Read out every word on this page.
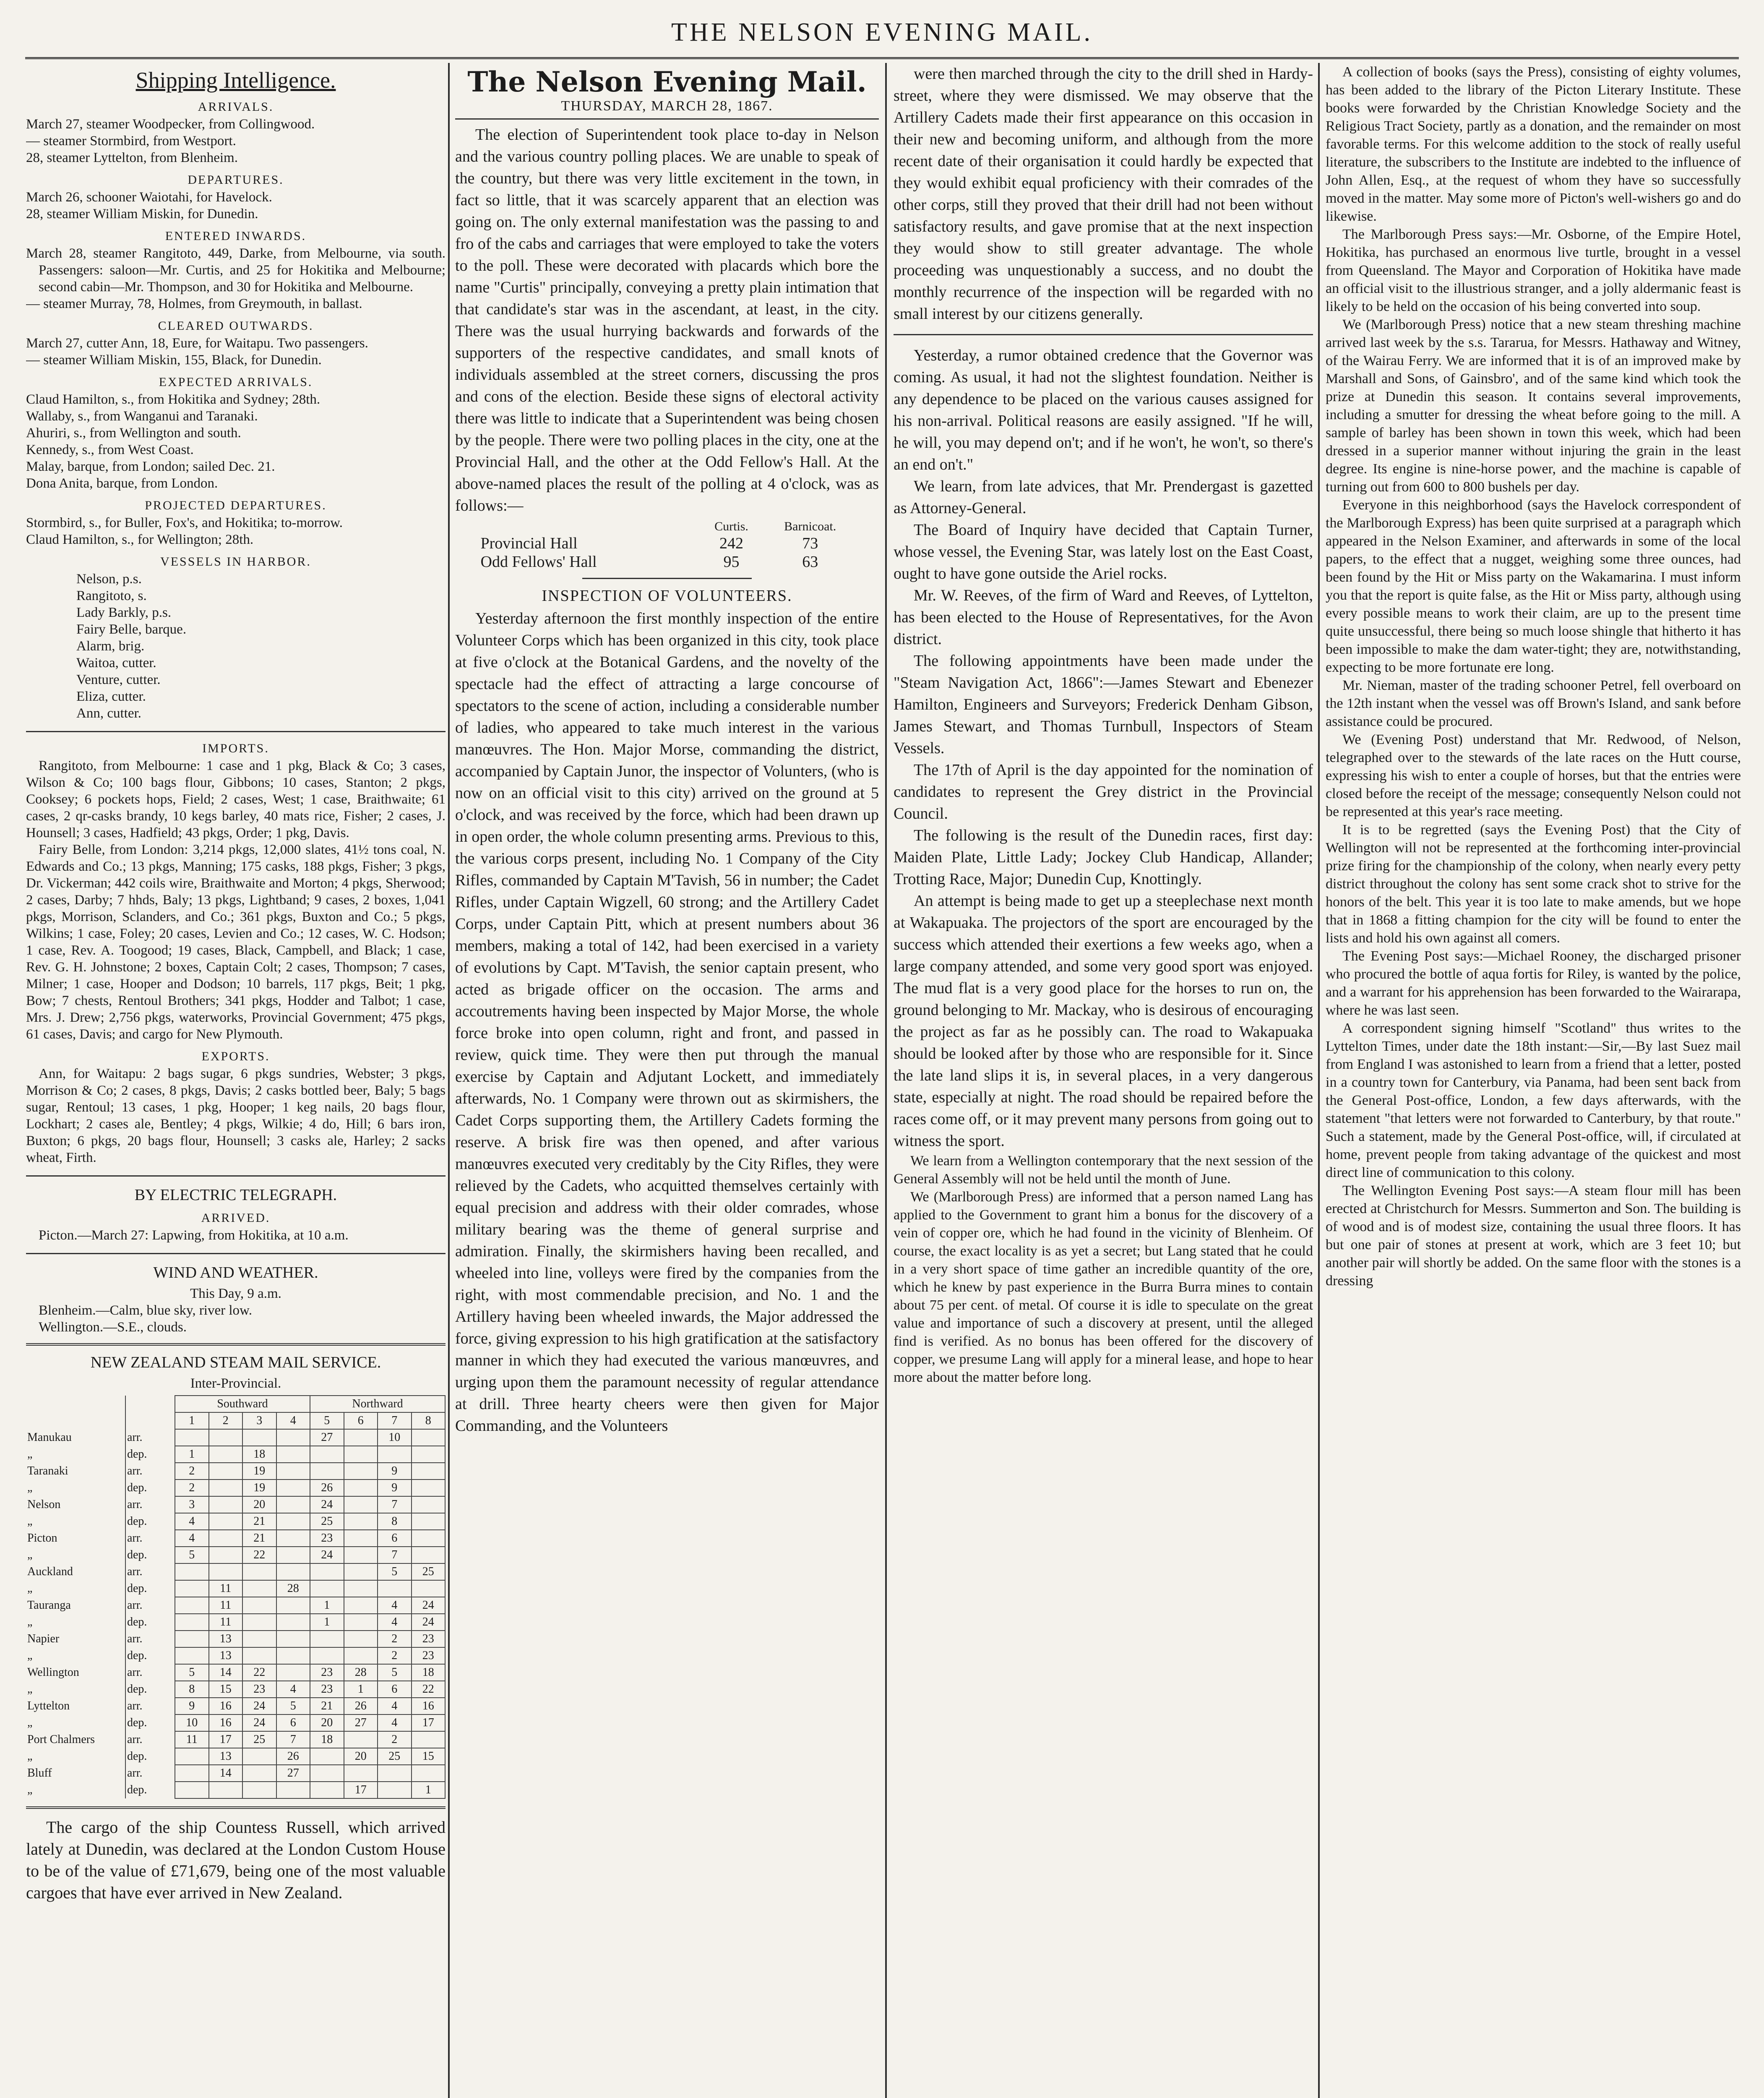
THE NELSON EVENING MAIL.
Shipping Intelligence.
ARRIVALS.

March 27, steamer Woodpecker, from Collingwood.

— steamer Stormbird, from Westport.

28, steamer Lyttelton, from Blenheim.

DEPARTURES.

March 26, schooner Waiotahi, for Havelock.

28, steamer William Miskin, for Dunedin.

ENTERED INWARDS.

March 28, steamer Rangitoto, 449, Darke, from Melbourne, via south. Passengers: saloon—Mr. Curtis, and 25 for Hokitika and Melbourne; second cabin—Mr. Thompson, and 30 for Hokitika and Melbourne.

— steamer Murray, 78, Holmes, from Greymouth, in ballast.

CLEARED OUTWARDS.

March 27, cutter Ann, 18, Eure, for Waitapu. Two passengers.

— steamer William Miskin, 155, Black, for Dunedin.

EXPECTED ARRIVALS.

Claud Hamilton, s., from Hokitika and Sydney; 28th.

Wallaby, s., from Wanganui and Taranaki.

Ahuriri, s., from Wellington and south.

Kennedy, s., from West Coast.

Malay, barque, from London; sailed Dec. 21.

Dona Anita, barque, from London.

PROJECTED DEPARTURES.

Stormbird, s., for Buller, Fox's, and Hokitika; to-morrow.

Claud Hamilton, s., for Wellington; 28th.

VESSELS IN HARBOR.

Nelson, p.s.

Rangitoto, s.

Lady Barkly, p.s.

Fairy Belle, barque.

Alarm, brig.

Waitoa, cutter.

Venture, cutter.

Eliza, cutter.

Ann, cutter.

IMPORTS.

Rangitoto, from Melbourne: 1 case and 1 pkg, Black & Co; 3 cases, Wilson & Co; 100 bags flour, Gibbons; 10 cases, Stanton; 2 pkgs, Cooksey; 6 pockets hops, Field; 2 cases, West; 1 case, Braithwaite; 61 cases, 2 qr-casks brandy, 10 kegs barley, 40 mats rice, Fisher; 2 cases, J. Hounsell; 3 cases, Hadfield; 43 pkgs, Order; 1 pkg, Davis.

Fairy Belle, from London: 3,214 pkgs, 12,000 slates, 41½ tons coal, N. Edwards and Co.; 13 pkgs, Manning; 175 casks, 188 pkgs, Fisher; 3 pkgs, Dr. Vickerman; 442 coils wire, Braithwaite and Morton; 4 pkgs, Sherwood; 2 cases, Darby; 7 hhds, Baly; 13 pkgs, Lightband; 9 cases, 2 boxes, 1,041 pkgs, Morrison, Sclanders, and Co.; 361 pkgs, Buxton and Co.; 5 pkgs, Wilkins; 1 case, Foley; 20 cases, Levien and Co.; 12 cases, W. C. Hodson; 1 case, Rev. A. Toogood; 19 cases, Black, Campbell, and Black; 1 case, Rev. G. H. Johnstone; 2 boxes, Captain Colt; 2 cases, Thompson; 7 cases, Milner; 1 case, Hooper and Dodson; 10 barrels, 117 pkgs, Beit; 1 pkg, Bow; 7 chests, Rentoul Brothers; 341 pkgs, Hodder and Talbot; 1 case, Mrs. J. Drew; 2,756 pkgs, waterworks, Provincial Government; 475 pkgs, 61 cases, Davis; and cargo for New Plymouth.

EXPORTS.

Ann, for Waitapu: 2 bags sugar, 6 pkgs sundries, Webster; 3 pkgs, Morrison & Co; 2 cases, 8 pkgs, Davis; 2 casks bottled beer, Baly; 5 bags sugar, Rentoul; 13 cases, 1 pkg, Hooper; 1 keg nails, 20 bags flour, Lockhart; 2 cases ale, Bentley; 4 pkgs, Wilkie; 4 do, Hill; 6 bars iron, Buxton; 6 pkgs, 20 bags flour, Hounsell; 3 casks ale, Harley; 2 sacks wheat, Firth.

BY ELECTRIC TELEGRAPH.
ARRIVED.

Picton.—March 27: Lapwing, from Hokitika, at 10 a.m.

WIND AND WEATHER.
This Day, 9 a.m.

Blenheim.—Calm, blue sky, river low.

Wellington.—S.E., clouds.

NEW ZEALAND STEAM MAIL SERVICE.
Inter-Provincial.
		Southward				Northward			
		1	2	3	4	5	6	7	8
Manukau	arr.					27		10	
„	dep.	1		18					
Taranaki	arr.	2		19				9	
„	dep.	2		19		26		9	
Nelson	arr.	3		20		24		7	
„	dep.	4		21		25		8	
Picton	arr.	4		21		23		6	
„	dep.	5		22		24		7	
Auckland	arr.							5	25
„	dep.		11		28				
Tauranga	arr.		11			1		4	24
„	dep.		11			1		4	24
Napier	arr.		13					2	23
„	dep.		13					2	23
Wellington	arr.	5	14	22		23	28	5	18
„	dep.	8	15	23	4	23	1	6	22
Lyttelton	arr.	9	16	24	5	21	26	4	16
„	dep.	10	16	24	6	20	27	4	17
Port Chalmers	arr.	11	17	25	7	18		2	
„	dep.		13		26		20	25	15
Bluff	arr.		14		27				
„	dep.						17		1

The cargo of the ship Countess Russell, which arrived lately at Dunedin, was declared at the London Custom House to be of the value of £71,679, being one of the most valuable cargoes that have ever arrived in New Zealand.

The Nelson Evening Mail.
THURSDAY, MARCH 28, 1867.

The election of Superintendent took place to-day in Nelson and the various country polling places. We are unable to speak of the country, but there was very little excitement in the town, in fact so little, that it was scarcely apparent that an election was going on. The only external manifestation was the passing to and fro of the cabs and carriages that were employed to take the voters to the poll. These were decorated with placards which bore the name "Curtis" principally, conveying a pretty plain intimation that that candidate's star was in the ascendant, at least, in the city. There was the usual hurrying backwards and forwards of the supporters of the respective candidates, and small knots of individuals assembled at the street corners, discussing the pros and cons of the election. Beside these signs of electoral activity there was little to indicate that a Superintendent was being chosen by the people. There were two polling places in the city, one at the Provincial Hall, and the other at the Odd Fellow's Hall. At the above-named places the result of the polling at 4 o'clock, was as follows:—

	Curtis.	Barnicoat.
Provincial Hall	242	73
Odd Fellows' Hall	95	63
INSPECTION OF VOLUNTEERS.

Yesterday afternoon the first monthly inspection of the entire Volunteer Corps which has been organized in this city, took place at five o'clock at the Botanical Gardens, and the novelty of the spectacle had the effect of attracting a large concourse of spectators to the scene of action, including a considerable number of ladies, who appeared to take much interest in the various manœuvres. The Hon. Major Morse, commanding the district, accompanied by Captain Junor, the inspector of Volunters, (who is now on an official visit to this city) arrived on the ground at 5 o'clock, and was received by the force, which had been drawn up in open order, the whole column presenting arms. Previous to this, the various corps present, including No. 1 Company of the City Rifles, commanded by Captain M'Tavish, 56 in number; the Cadet Rifles, under Captain Wigzell, 60 strong; and the Artillery Cadet Corps, under Captain Pitt, which at present numbers about 36 members, making a total of 142, had been exercised in a variety of evolutions by Capt. M'Tavish, the senior captain present, who acted as brigade officer on the occasion. The arms and accoutrements having been inspected by Major Morse, the whole force broke into open column, right and front, and passed in review, quick time. They were then put through the manual exercise by Captain and Adjutant Lockett, and immediately afterwards, No. 1 Company were thrown out as skirmishers, the Cadet Corps supporting them, the Artillery Cadets forming the reserve. A brisk fire was then opened, and after various manœuvres executed very creditably by the City Rifles, they were relieved by the Cadets, who acquitted themselves certainly with equal precision and address with their older comrades, whose military bearing was the theme of general surprise and admiration. Finally, the skirmishers having been recalled, and wheeled into line, volleys were fired by the companies from the right, with most commendable precision, and No. 1 and the Artillery having been wheeled inwards, the Major addressed the force, giving expression to his high gratification at the satisfactory manner in which they had executed the various manœuvres, and urging upon them the paramount necessity of regular attendance at drill. Three hearty cheers were then given for Major Commanding, and the Volunteers

were then marched through the city to the drill shed in Hardy-street, where they were dismissed. We may observe that the Artillery Cadets made their first appearance on this occasion in their new and becoming uniform, and although from the more recent date of their organisation it could hardly be expected that they would exhibit equal proficiency with their comrades of the other corps, still they proved that their drill had not been without satisfactory results, and gave promise that at the next inspection they would show to still greater advantage. The whole proceeding was unquestionably a success, and no doubt the monthly recurrence of the inspection will be regarded with no small interest by our citizens generally.

Yesterday, a rumor obtained credence that the Governor was coming. As usual, it had not the slightest foundation. Neither is any dependence to be placed on the various causes assigned for his non-arrival. Political reasons are easily assigned. "If he will, he will, you may depend on't; and if he won't, he won't, so there's an end on't."

We learn, from late advices, that Mr. Prendergast is gazetted as Attorney-General.

The Board of Inquiry have decided that Captain Turner, whose vessel, the Evening Star, was lately lost on the East Coast, ought to have gone outside the Ariel rocks.

Mr. W. Reeves, of the firm of Ward and Reeves, of Lyttelton, has been elected to the House of Representatives, for the Avon district.

The following appointments have been made under the "Steam Navigation Act, 1866":—James Stewart and Ebenezer Hamilton, Engineers and Surveyors; Frederick Denham Gibson, James Stewart, and Thomas Turnbull, Inspectors of Steam Vessels.

The 17th of April is the day appointed for the nomination of candidates to represent the Grey district in the Provincial Council.

The following is the result of the Dunedin races, first day: Maiden Plate, Little Lady; Jockey Club Handicap, Allander; Trotting Race, Major; Dunedin Cup, Knottingly.

An attempt is being made to get up a steeplechase next month at Wakapuaka. The projectors of the sport are encouraged by the success which attended their exertions a few weeks ago, when a large company attended, and some very good sport was enjoyed. The mud flat is a very good place for the horses to run on, the ground belonging to Mr. Mackay, who is desirous of encouraging the project as far as he possibly can. The road to Wakapuaka should be looked after by those who are responsible for it. Since the late land slips it is, in several places, in a very dangerous state, especially at night. The road should be repaired before the races come off, or it may prevent many persons from going out to witness the sport.

We learn from a Wellington contemporary that the next session of the General Assembly will not be held until the month of June.

We (Marlborough Press) are informed that a person named Lang has applied to the Government to grant him a bonus for the discovery of a vein of copper ore, which he had found in the vicinity of Blenheim. Of course, the exact locality is as yet a secret; but Lang stated that he could in a very short space of time gather an incredible quantity of the ore, which he knew by past experience in the Burra Burra mines to contain about 75 per cent. of metal. Of course it is idle to speculate on the great value and importance of such a discovery at present, until the alleged find is verified. As no bonus has been offered for the discovery of copper, we presume Lang will apply for a mineral lease, and hope to hear more about the matter before long.

A collection of books (says the Press), consisting of eighty volumes, has been added to the library of the Picton Literary Institute. These books were forwarded by the Christian Knowledge Society and the Religious Tract Society, partly as a donation, and the remainder on most favorable terms. For this welcome addition to the stock of really useful literature, the subscribers to the Institute are indebted to the influence of John Allen, Esq., at the request of whom they have so successfully moved in the matter. May some more of Picton's well-wishers go and do likewise.

The Marlborough Press says:—Mr. Osborne, of the Empire Hotel, Hokitika, has purchased an enormous live turtle, brought in a vessel from Queensland. The Mayor and Corporation of Hokitika have made an official visit to the illustrious stranger, and a jolly aldermanic feast is likely to be held on the occasion of his being converted into soup.

We (Marlborough Press) notice that a new steam threshing machine arrived last week by the s.s. Tararua, for Messrs. Hathaway and Witney, of the Wairau Ferry. We are informed that it is of an improved make by Marshall and Sons, of Gainsbro', and of the same kind which took the prize at Dunedin this season. It contains several improvements, including a smutter for dressing the wheat before going to the mill. A sample of barley has been shown in town this week, which had been dressed in a superior manner without injuring the grain in the least degree. Its engine is nine-horse power, and the machine is capable of turning out from 600 to 800 bushels per day.

Everyone in this neighborhood (says the Havelock correspondent of the Marlborough Express) has been quite surprised at a paragraph which appeared in the Nelson Examiner, and afterwards in some of the local papers, to the effect that a nugget, weighing some three ounces, had been found by the Hit or Miss party on the Wakamarina. I must inform you that the report is quite false, as the Hit or Miss party, although using every possible means to work their claim, are up to the present time quite unsuccessful, there being so much loose shingle that hitherto it has been impossible to make the dam water-tight; they are, notwithstanding, expecting to be more fortunate ere long.

Mr. Nieman, master of the trading schooner Petrel, fell overboard on the 12th instant when the vessel was off Brown's Island, and sank before assistance could be procured.

We (Evening Post) understand that Mr. Redwood, of Nelson, telegraphed over to the stewards of the late races on the Hutt course, expressing his wish to enter a couple of horses, but that the entries were closed before the receipt of the message; consequently Nelson could not be represented at this year's race meeting.

It is to be regretted (says the Evening Post) that the City of Wellington will not be represented at the forthcoming inter-provincial prize firing for the championship of the colony, when nearly every petty district throughout the colony has sent some crack shot to strive for the honors of the belt. This year it is too late to make amends, but we hope that in 1868 a fitting champion for the city will be found to enter the lists and hold his own against all comers.

The Evening Post says:—Michael Rooney, the discharged prisoner who procured the bottle of aqua fortis for Riley, is wanted by the police, and a warrant for his apprehension has been forwarded to the Wairarapa, where he was last seen.

A correspondent signing himself "Scotland" thus writes to the Lyttelton Times, under date the 18th instant:—Sir,—By last Suez mail from England I was astonished to learn from a friend that a letter, posted in a country town for Canterbury, via Panama, had been sent back from the General Post-office, London, a few days afterwards, with the statement "that letters were not forwarded to Canterbury, by that route." Such a statement, made by the General Post-office, will, if circulated at home, prevent people from taking advantage of the quickest and most direct line of communication to this colony.

The Wellington Evening Post says:—A steam flour mill has been erected at Christchurch for Messrs. Summerton and Son. The building is of wood and is of modest size, containing the usual three floors. It has but one pair of stones at present at work, which are 3 feet 10; but another pair will shortly be added. On the same floor with the stones is a dressing
